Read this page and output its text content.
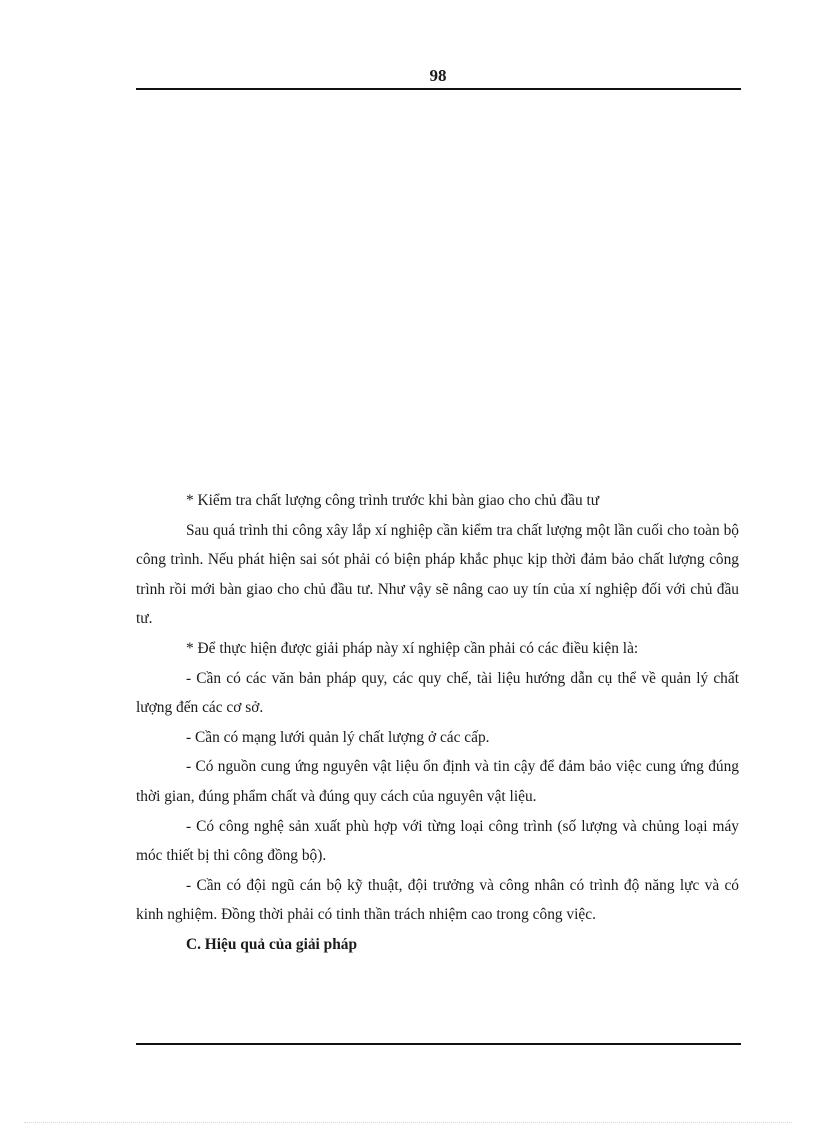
98

* Kiểm tra chất lượng công trình trước khi bàn giao cho chủ đầu tư

Sau quá trình thi công xây lắp xí nghiệp cần kiểm tra chất lượng một lần cuối cho toàn bộ công trình. Nếu phát hiện sai sót phải có biện pháp khắc phục kịp thời đảm bảo chất lượng công trình rồi mới bàn giao cho chủ đầu tư. Như vậy sẽ nâng cao uy tín của xí nghiệp đối với chủ đầu tư.

* Để thực hiện được giải pháp này xí nghiệp cần phải có các điều kiện là:

- Cần có các văn bản pháp quy, các quy chế, tài liệu hướng dẫn cụ thể về quản lý chất lượng đến các cơ sở.

- Cần có mạng lưới quản lý chất lượng ở các cấp.

- Có nguồn cung ứng nguyên vật liệu ổn định và tin cậy để đảm bảo việc cung ứng đúng thời gian, đúng phẩm chất và đúng quy cách của nguyên vật liệu.

- Có công nghệ sản xuất phù hợp với từng loại công trình (số lượng và chủng loại máy móc thiết bị thi công đồng bộ).

- Cần có đội ngũ cán bộ kỹ thuật, đội trưởng và công nhân có trình độ năng lực và có kinh nghiệm. Đồng thời phải có tinh thần trách nhiệm cao trong công việc.

C. Hiệu quả của giải pháp
